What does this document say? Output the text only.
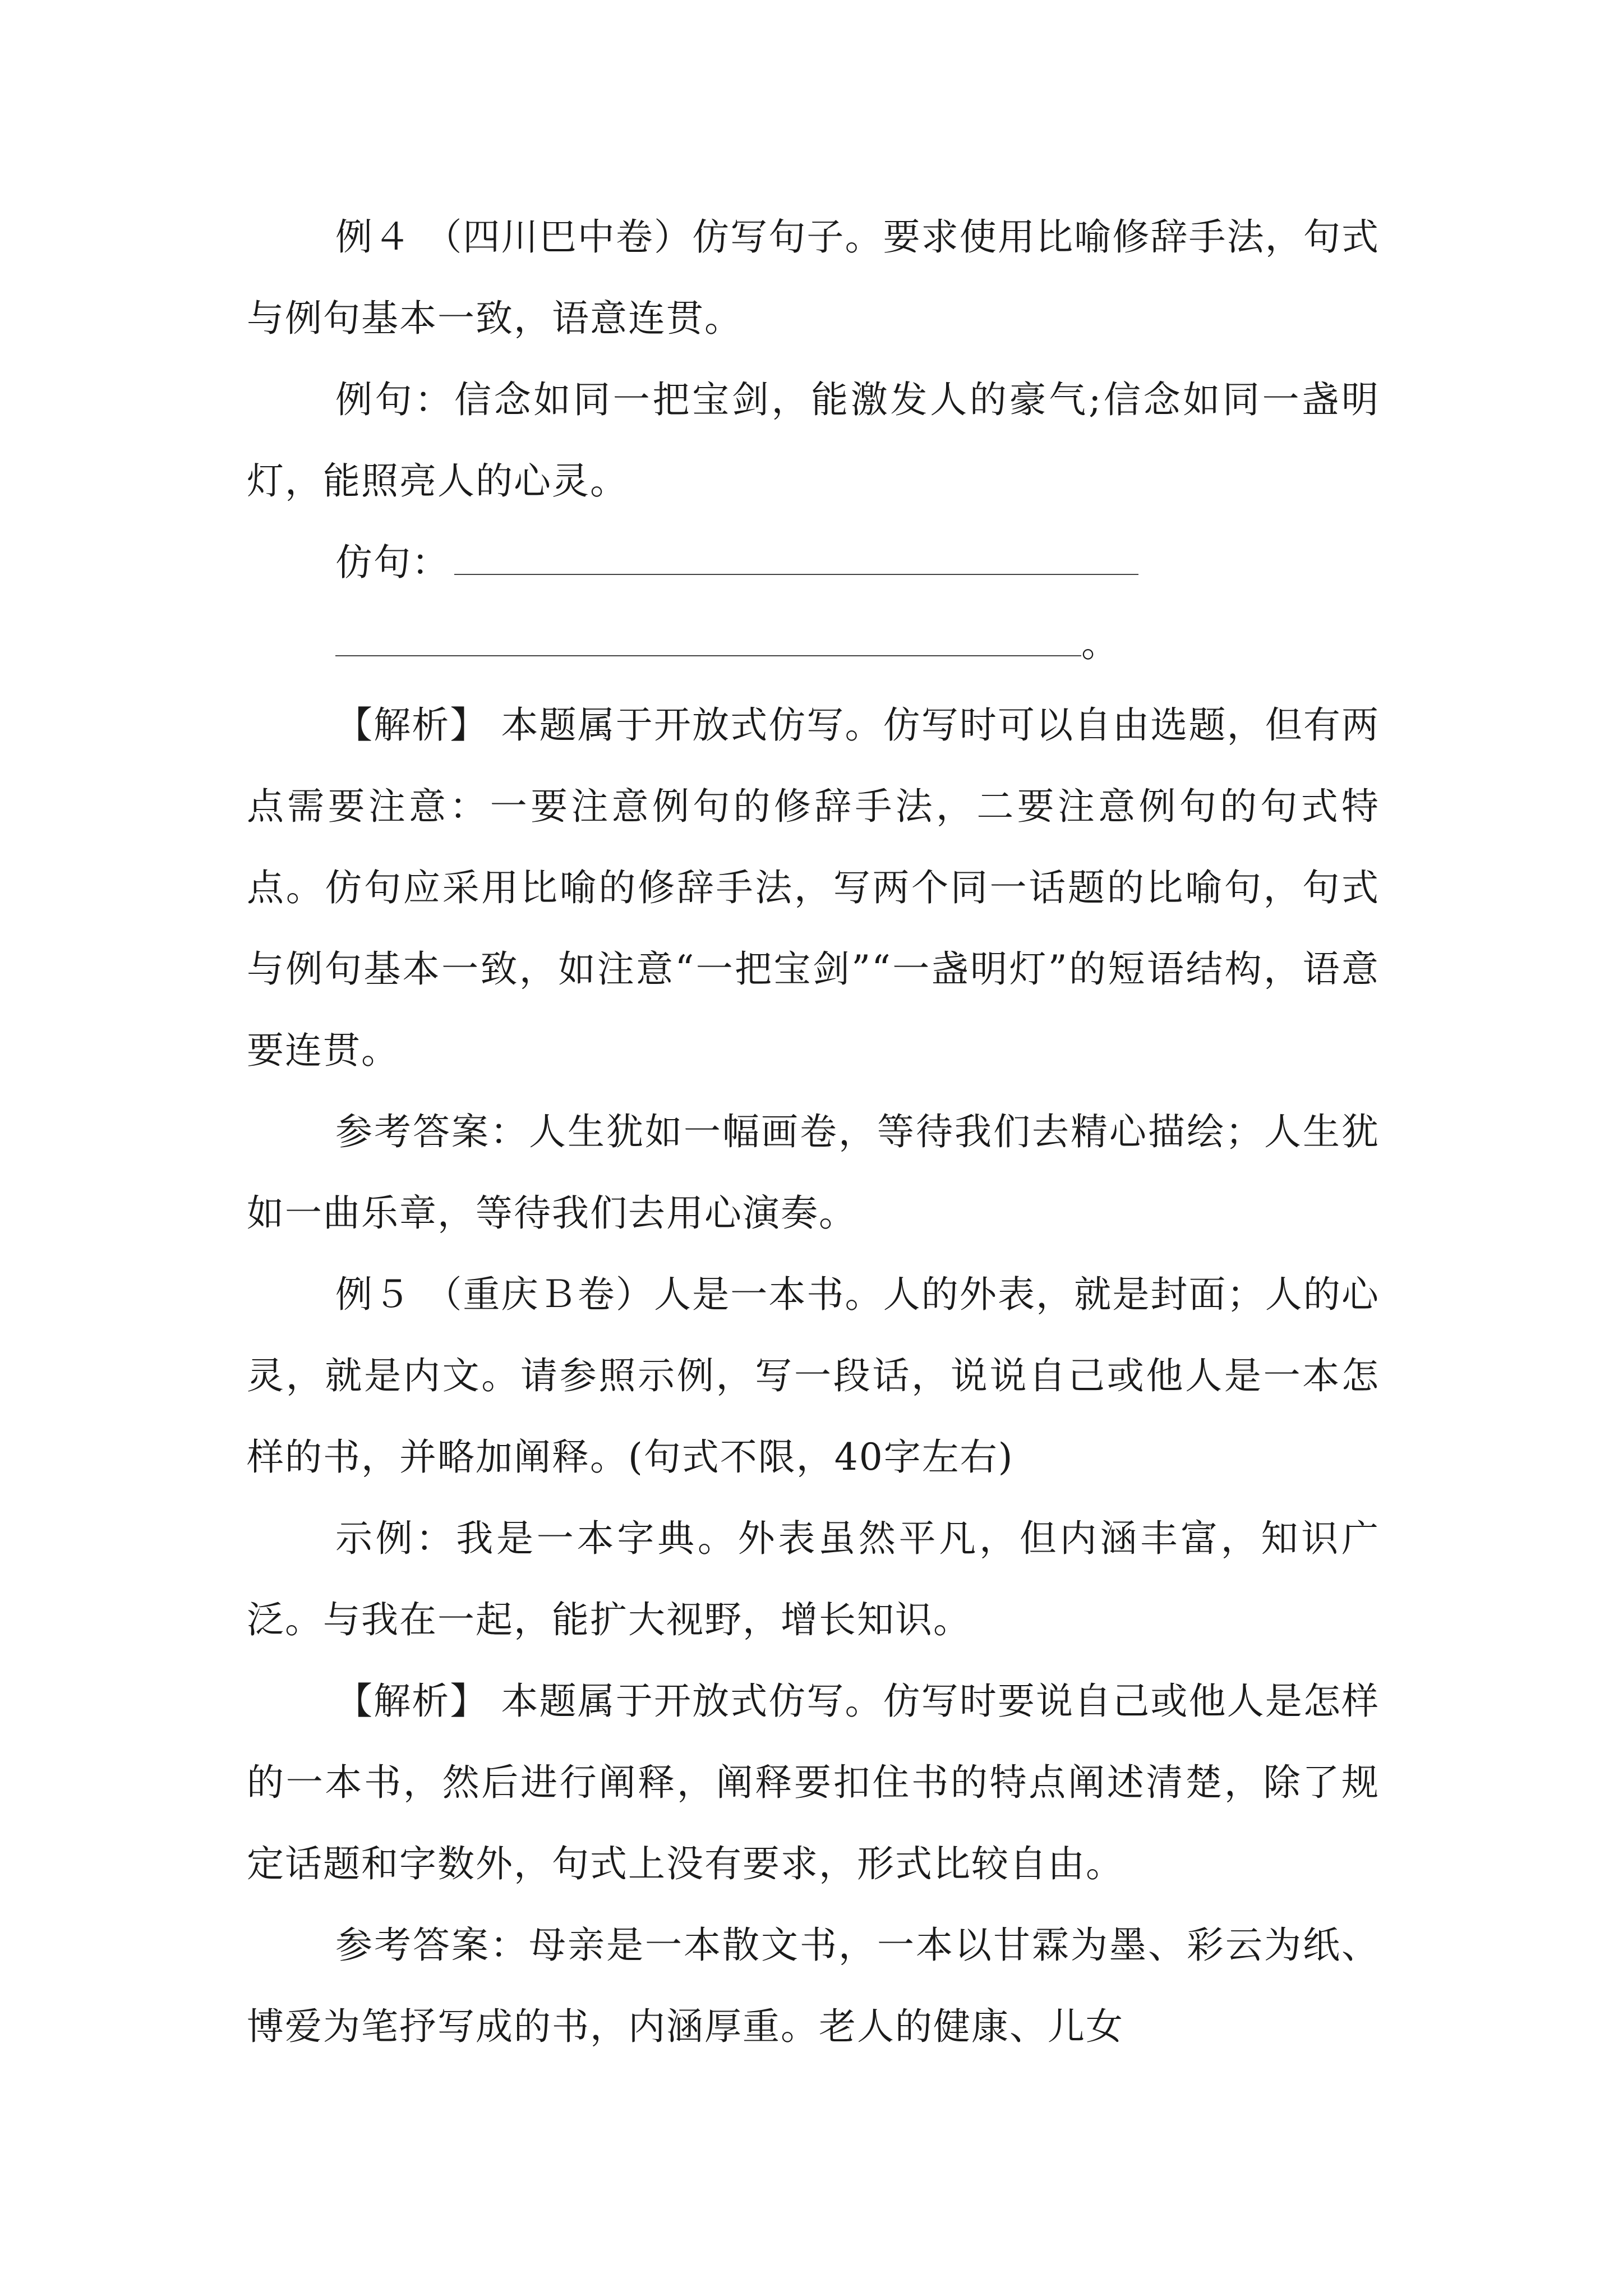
例４ （四川巴中卷）仿写句子。要求使用比喻修辞手法，句式与例句基本一致，语意连贯。

例句：信念如同一把宝剑，能激发人的豪气;信念如同一盏明灯，能照亮人的心灵。

仿句：

。

【解析】 本题属于开放式仿写。仿写时可以自由选题，但有两点需要注意：一要注意例句的修辞手法，二要注意例句的句式特点。仿句应采用比喻的修辞手法，写两个同一话题的比喻句，句式与例句基本一致，如注意“一把宝剑”“一盏明灯”的短语结构，语意要连贯。

参考答案：人生犹如一幅画卷，等待我们去精心描绘；人生犹如一曲乐章，等待我们去用心演奏。

例５ （重庆Ｂ卷）人是一本书。人的外表，就是封面；人的心灵，就是内文。请参照示例，写一段话，说说自己或他人是一本怎样的书，并略加阐释。(句式不限，40字左右)

示例：我是一本字典。外表虽然平凡，但内涵丰富，知识广泛。与我在一起，能扩大视野，增长知识。

【解析】 本题属于开放式仿写。仿写时要说自己或他人是怎样的一本书，然后进行阐释，阐释要扣住书的特点阐述清楚，除了规定话题和字数外，句式上没有要求，形式比较自由。

参考答案：母亲是一本散文书，一本以甘霖为墨、彩云为纸、博爱为笔抒写成的书，内涵厚重。老人的健康、儿女
